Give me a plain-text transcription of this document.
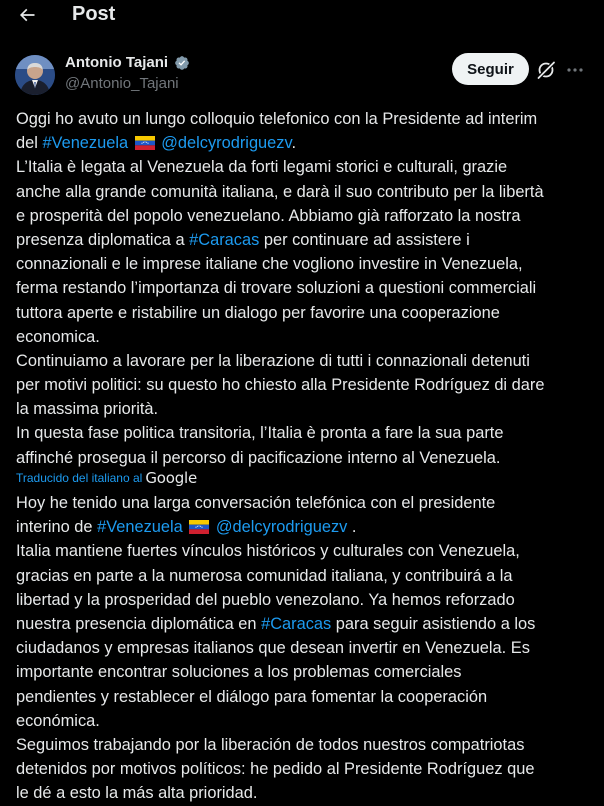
Post
Antonio Tajani
@Antonio_Tajani
Seguir
Oggi ho avuto un lungo colloquio telefonico con la Presidente ad interim
del #Venezuela @delcyrodriguezv.
L’Italia è legata al Venezuela da forti legami storici e culturali, grazie
anche alla grande comunità italiana, e darà il suo contributo per la libertà
e prosperità del popolo venezuelano. Abbiamo già rafforzato la nostra
presenza diplomatica a #Caracas per continuare ad assistere i
connazionali e le imprese italiane che vogliono investire in Venezuela,
ferma restando l’importanza di trovare soluzioni a questioni commerciali
tuttora aperte e ristabilire un dialogo per favorire una cooperazione
economica.
Continuiamo a lavorare per la liberazione di tutti i connazionali detenuti
per motivi politici: su questo ho chiesto alla Presidente Rodríguez di dare
la massima priorità.
In questa fase politica transitoria, l’Italia è pronta a fare la sua parte
affinché prosegua il percorso di pacificazione interno al Venezuela.
Traducido del italiano al Google
Hoy he tenido una larga conversación telefónica con el presidente
interino de #Venezuela @delcyrodriguezv .
Italia mantiene fuertes vínculos históricos y culturales con Venezuela,
gracias en parte a la numerosa comunidad italiana, y contribuirá a la
libertad y la prosperidad del pueblo venezolano. Ya hemos reforzado
nuestra presencia diplomática en #Caracas para seguir asistiendo a los
ciudadanos y empresas italianos que desean invertir en Venezuela. Es
importante encontrar soluciones a los problemas comerciales
pendientes y restablecer el diálogo para fomentar la cooperación
económica.
Seguimos trabajando por la liberación de todos nuestros compatriotas
detenidos por motivos políticos: he pedido al Presidente Rodríguez que
le dé a esto la más alta prioridad.
